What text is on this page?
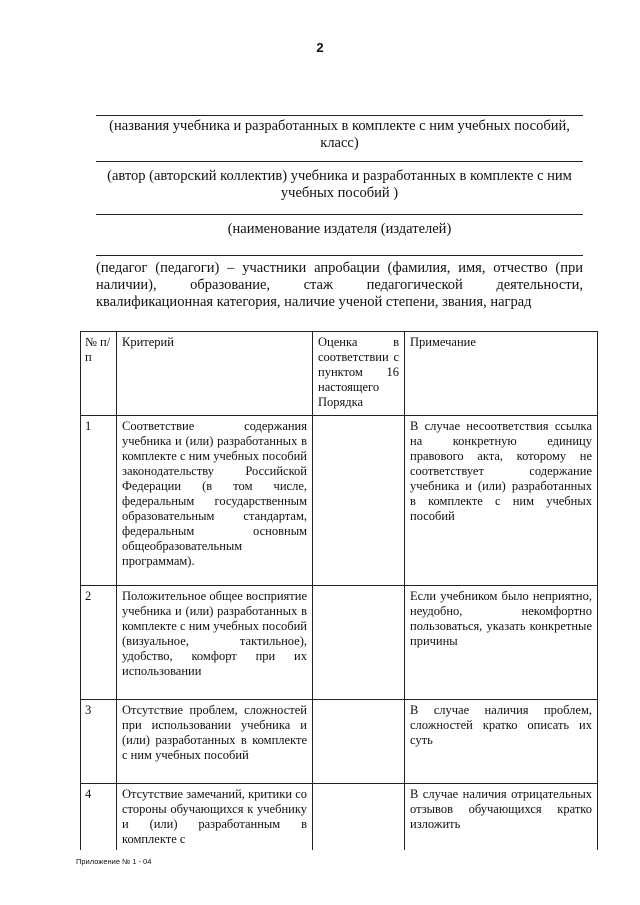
2
(названия учебника и разработанных в комплекте с ним учебных пособий, класс)
(автор (авторский коллектив) учебника и разработанных в комплекте с ним учебных пособий )
(наименование издателя (издателей)
(педагог (педагоги) – участники апробации (фамилия, имя, отчество (при наличии), образование, стаж педагогической деятельности, квалификационная категория, наличие ученой степени, звания, наград
№ п/п	Критерий	Оценка в соответствии с пунктом 16 настоящего Порядка	Примечание
1	Соответствие содержания учебника и (или) разработанных в комплекте с ним учебных пособий законодательству Российской Федерации (в том числе, федеральным государственным образовательным стандартам, федеральным основным общеобразовательным программам).		В случае несоответствия ссылка на конкретную единицу правового акта, которому не соответствует содержание учебника и (или) разработанных в комплекте с ним учебных пособий
2	Положительное общее восприятие учебника и (или) разработанных в комплекте с ним учебных пособий (визуальное, тактильное), удобство, комфорт при их использовании		Если учебником было неприятно, неудобно, некомфортно пользоваться, указать конкретные причины
3	Отсутствие проблем, сложностей при использовании учебника и (или) разработанных в комплекте с ним учебных пособий		В случае наличия проблем, сложностей кратко описать их суть
4	Отсутствие замечаний, критики со стороны обучающихся к учебнику и (или) разработанным в комплекте с		В случае наличия отрицательных отзывов обучающихся кратко изложить
Приложение № 1 - 04
